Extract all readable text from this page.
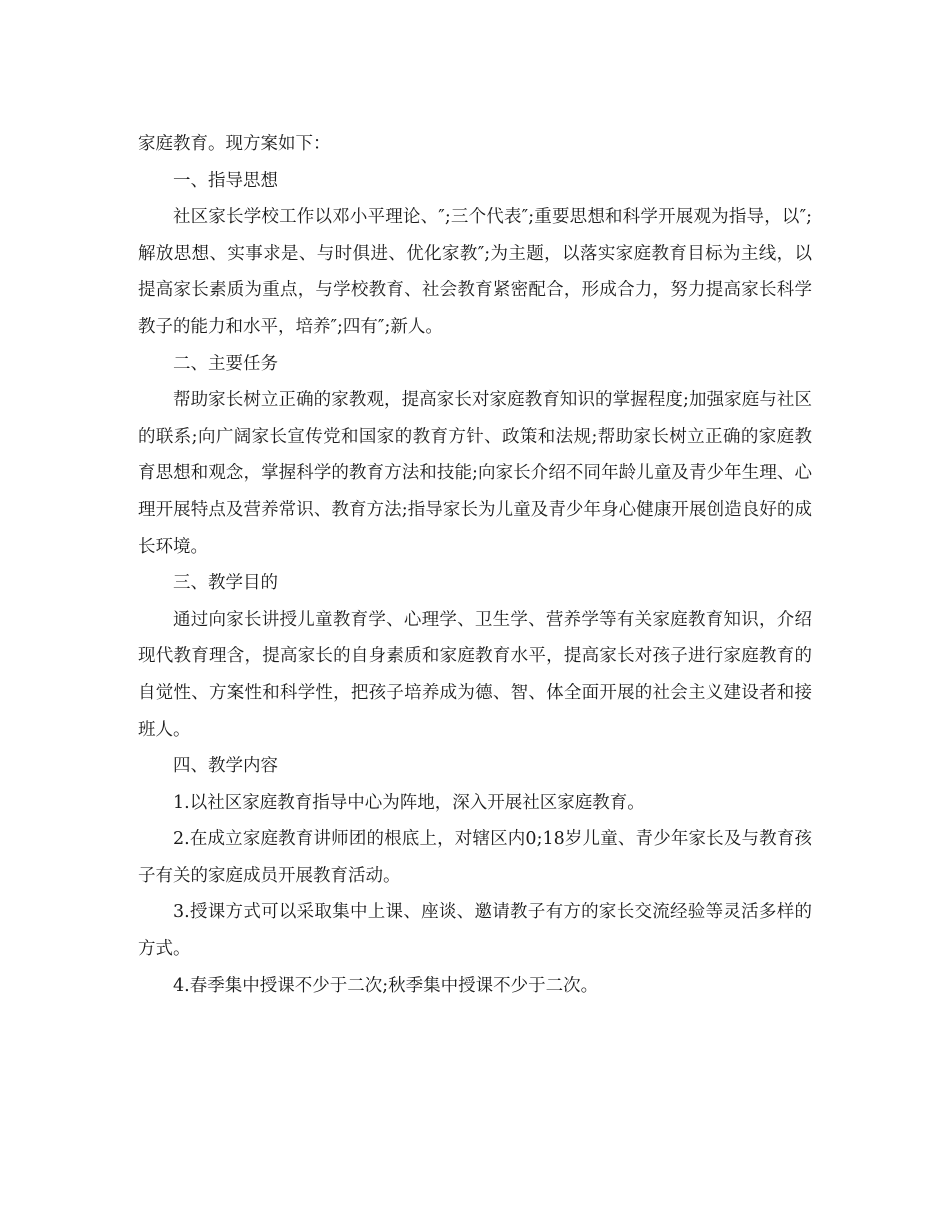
家庭教育。现方案如下：

一、指导思想

社区家长学校工作以邓小平理论、″;三个代表″;重要思想和科学开展观为指导，以″;解放思想、实事求是、与时俱进、优化家教″;为主题，以落实家庭教育目标为主线，以提高家长素质为重点，与学校教育、社会教育紧密配合，形成合力，努力提高家长科学教子的能力和水平，培养″;四有″;新人。

二、主要任务

帮助家长树立正确的家教观，提高家长对家庭教育知识的掌握程度;加强家庭与社区的联系;向广阔家长宣传党和国家的教育方针、政策和法规;帮助家长树立正确的家庭教育思想和观念，掌握科学的教育方法和技能;向家长介绍不同年龄儿童及青少年生理、心理开展特点及营养常识、教育方法;指导家长为儿童及青少年身心健康开展创造良好的成长环境。

三、教学目的

通过向家长讲授儿童教育学、心理学、卫生学、营养学等有关家庭教育知识，介绍现代教育理含，提高家长的自身素质和家庭教育水平，提高家长对孩子进行家庭教育的自觉性、方案性和科学性，把孩子培养成为德、智、体全面开展的社会主义建设者和接班人。

四、教学内容

1.以社区家庭教育指导中心为阵地，深入开展社区家庭教育。

2.在成立家庭教育讲师团的根底上，对辖区内0;18岁儿童、青少年家长及与教育孩子有关的家庭成员开展教育活动。

3.授课方式可以采取集中上课、座谈、邀请教子有方的家长交流经验等灵活多样的方式。

4.春季集中授课不少于二次;秋季集中授课不少于二次。
